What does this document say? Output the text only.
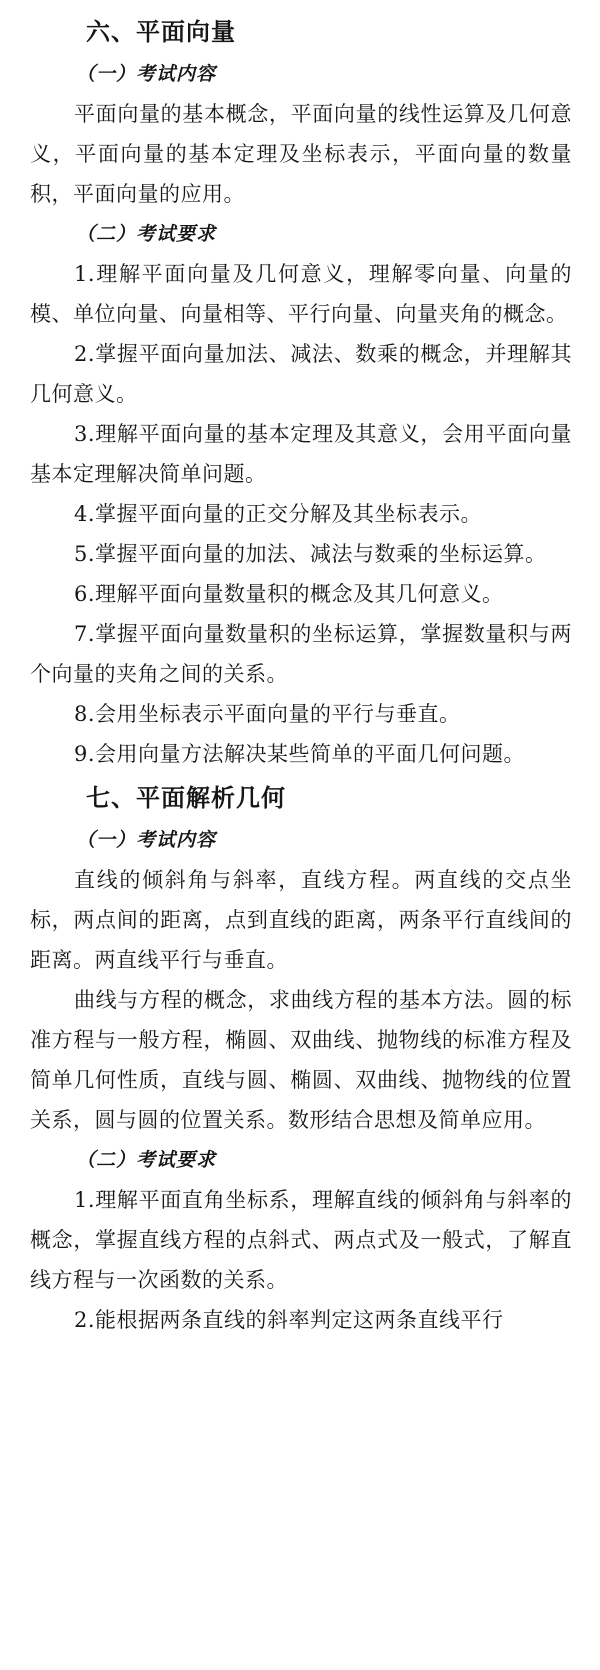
六、平面向量
（一）考试内容

平面向量的基本概念，平面向量的线性运算及几何意义，平面向量的基本定理及坐标表示，平面向量的数量积，平面向量的应用。

（二）考试要求

1.理解平面向量及几何意义，理解零向量、向量的模、单位向量、向量相等、平行向量、向量夹角的概念。

2.掌握平面向量加法、减法、数乘的概念，并理解其几何意义。

3.理解平面向量的基本定理及其意义，会用平面向量基本定理解决简单问题。

4.掌握平面向量的正交分解及其坐标表示。

5.掌握平面向量的加法、减法与数乘的坐标运算。

6.理解平面向量数量积的概念及其几何意义。

7.掌握平面向量数量积的坐标运算，掌握数量积与两个向量的夹角之间的关系。

8.会用坐标表示平面向量的平行与垂直。

9.会用向量方法解决某些简单的平面几何问题。

七、平面解析几何
（一）考试内容

直线的倾斜角与斜率，直线方程。两直线的交点坐标，两点间的距离，点到直线的距离，两条平行直线间的距离。两直线平行与垂直。

曲线与方程的概念，求曲线方程的基本方法。圆的标准方程与一般方程，椭圆、双曲线、抛物线的标准方程及简单几何性质，直线与圆、椭圆、双曲线、抛物线的位置关系，圆与圆的位置关系。数形结合思想及简单应用。

（二）考试要求

1.理解平面直角坐标系，理解直线的倾斜角与斜率的概念，掌握直线方程的点斜式、两点式及一般式，了解直线方程与一次函数的关系。

2.能根据两条直线的斜率判定这两条直线平行
